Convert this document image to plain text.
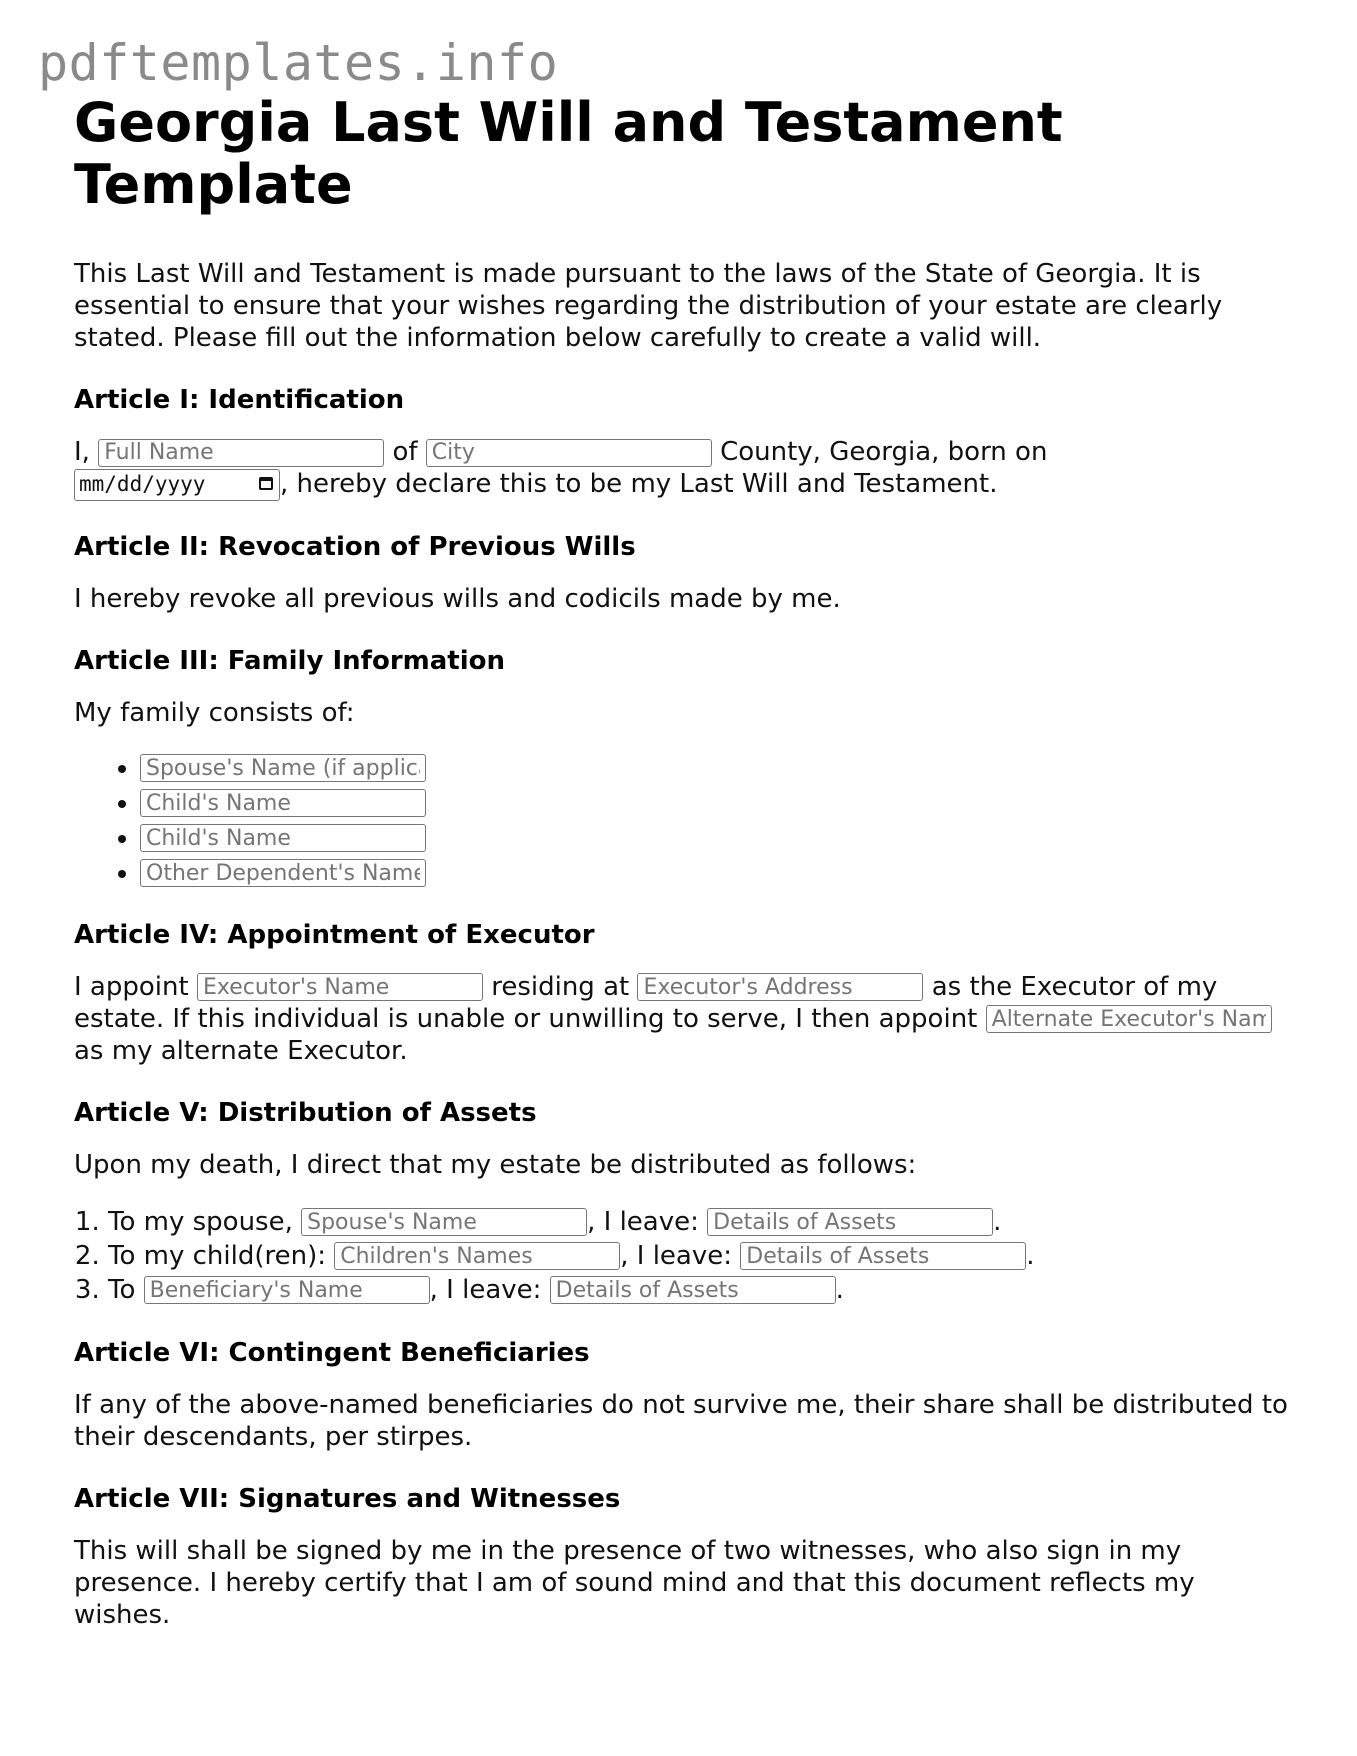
pdftemplates.info
Georgia Last Will and Testament Template

This Last Will and Testament is made pursuant to the laws of the State of Georgia. It is essential to ensure that your wishes regarding the distribution of your estate are clearly stated. Please fill out the information below carefully to create a valid will.

Article I: Identification

I, Full Name	of City	County, Georgia, born on
mm/dd/yyyy	, hereby declare this to be my Last Will and Testament.

Article II: Revocation of Previous Wills

I hereby revoke all previous wills and codicils made by me.

Article III: Family Information

My family consists of:

• Spouse's Name (if applicable)
• Child's Name
• Child's Name
• Other Dependent's Name
Article IV: Appointment of Executor

I appoint Executor's Name	residing at Executor's Address	as the Executor of my estate. If this individual is unable or unwilling to serve, I then appoint Alternate Executor's Name as my alternate Executor.

Article V: Distribution of Assets

Upon my death, I direct that my estate be distributed as follows:

1. To my spouse, Spouse's Name	, I leave: Details of Assets	.
2. To my child(ren): Children's Names	, I leave: Details of Assets	.
3. To Beneficiary's Name	, I leave: Details of Assets	.
Article VI: Contingent Beneficiaries

If any of the above-named beneficiaries do not survive me, their share shall be distributed to their descendants, per stirpes.

Article VII: Signatures and Witnesses

This will shall be signed by me in the presence of two witnesses, who also sign in my presence. I hereby certify that I am of sound mind and that this document reflects my wishes.
